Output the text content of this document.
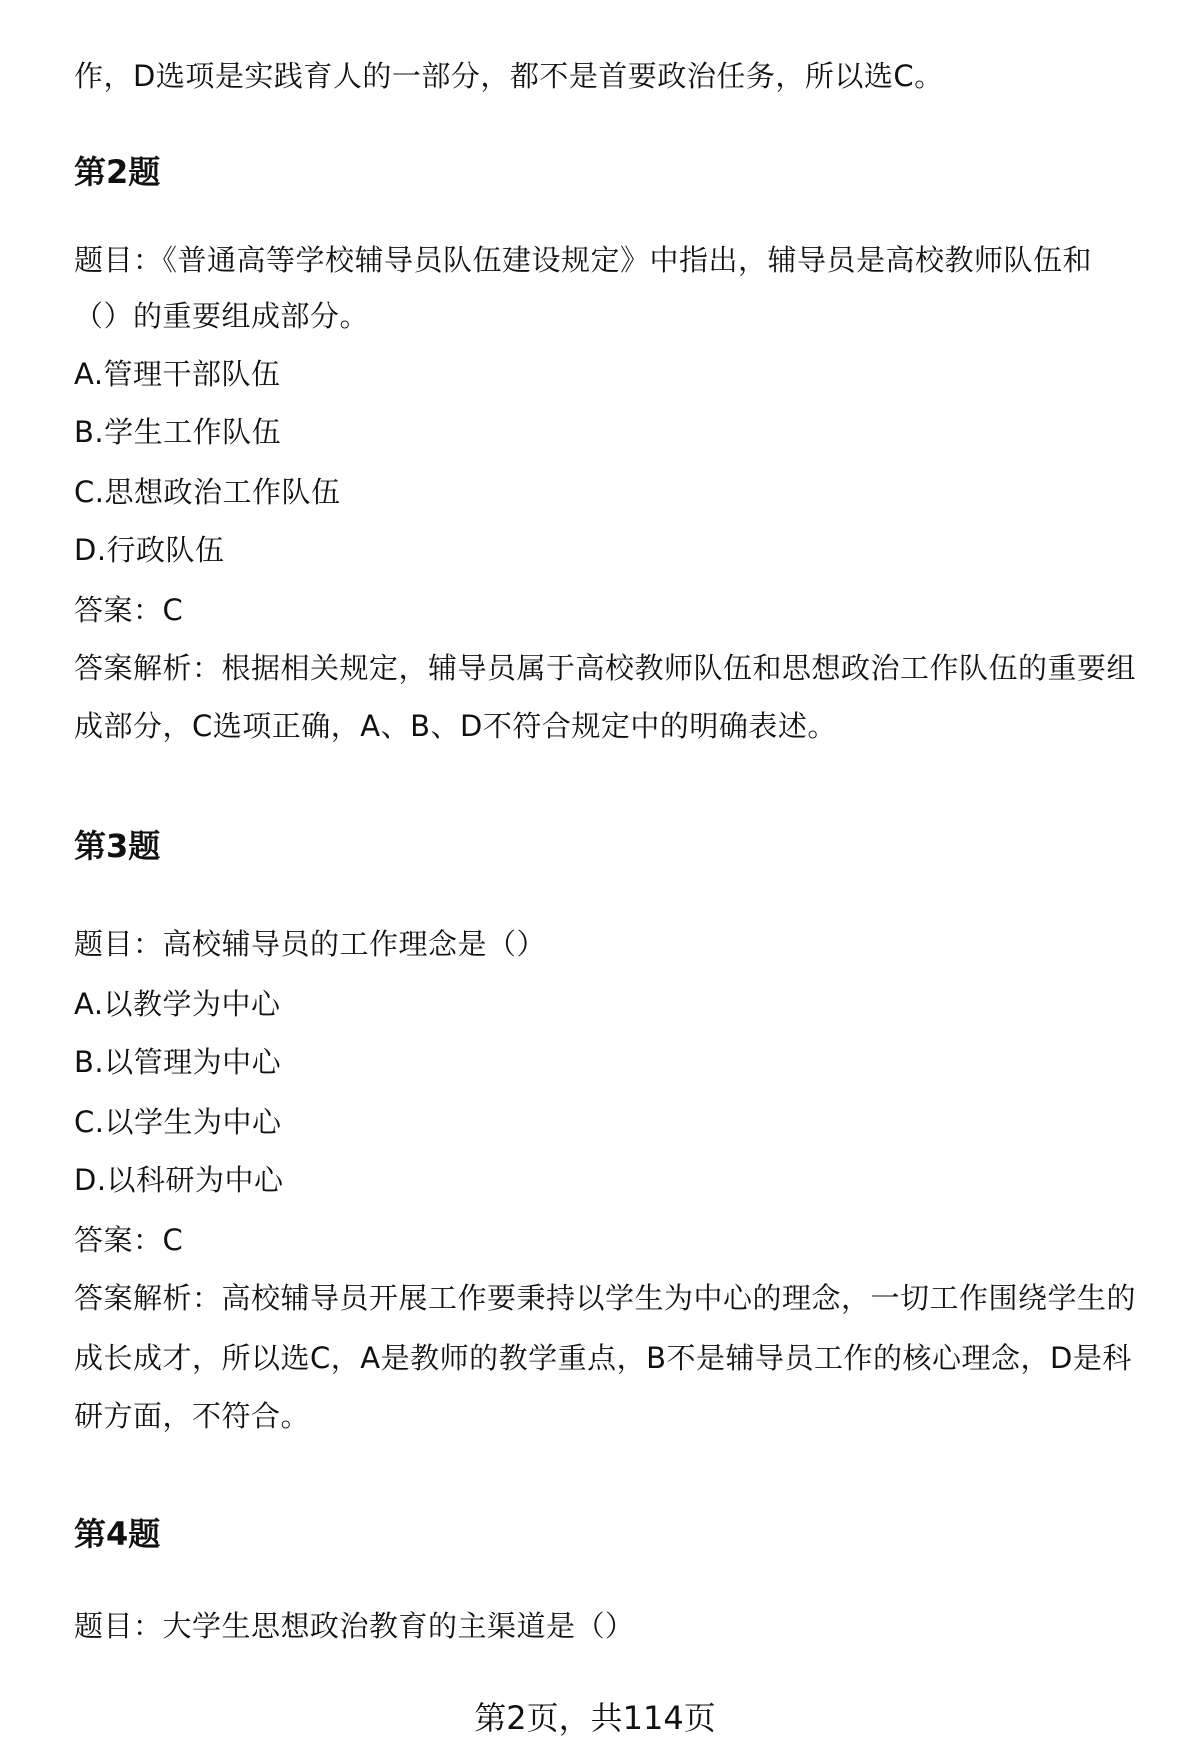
作，D选项是实践育人的一部分，都不是首要政治任务，所以选C。
第2题
题目：《普通高等学校辅导员队伍建设规定》中指出，辅导员是高校教师队伍和
（）的重要组成部分。
A.管理干部队伍
B.学生工作队伍
C.思想政治工作队伍
D.行政队伍
答案：C
答案解析：根据相关规定，辅导员属于高校教师队伍和思想政治工作队伍的重要组
成部分，C选项正确，A、B、D不符合规定中的明确表述。
第3题
题目：高校辅导员的工作理念是（）
A.以教学为中心
B.以管理为中心
C.以学生为中心
D.以科研为中心
答案：C
答案解析：高校辅导员开展工作要秉持以学生为中心的理念，一切工作围绕学生的
成长成才，所以选C，A是教师的教学重点，B不是辅导员工作的核心理念，D是科
研方面，不符合。
第4题
题目：大学生思想政治教育的主渠道是（）
第2页，共114页
